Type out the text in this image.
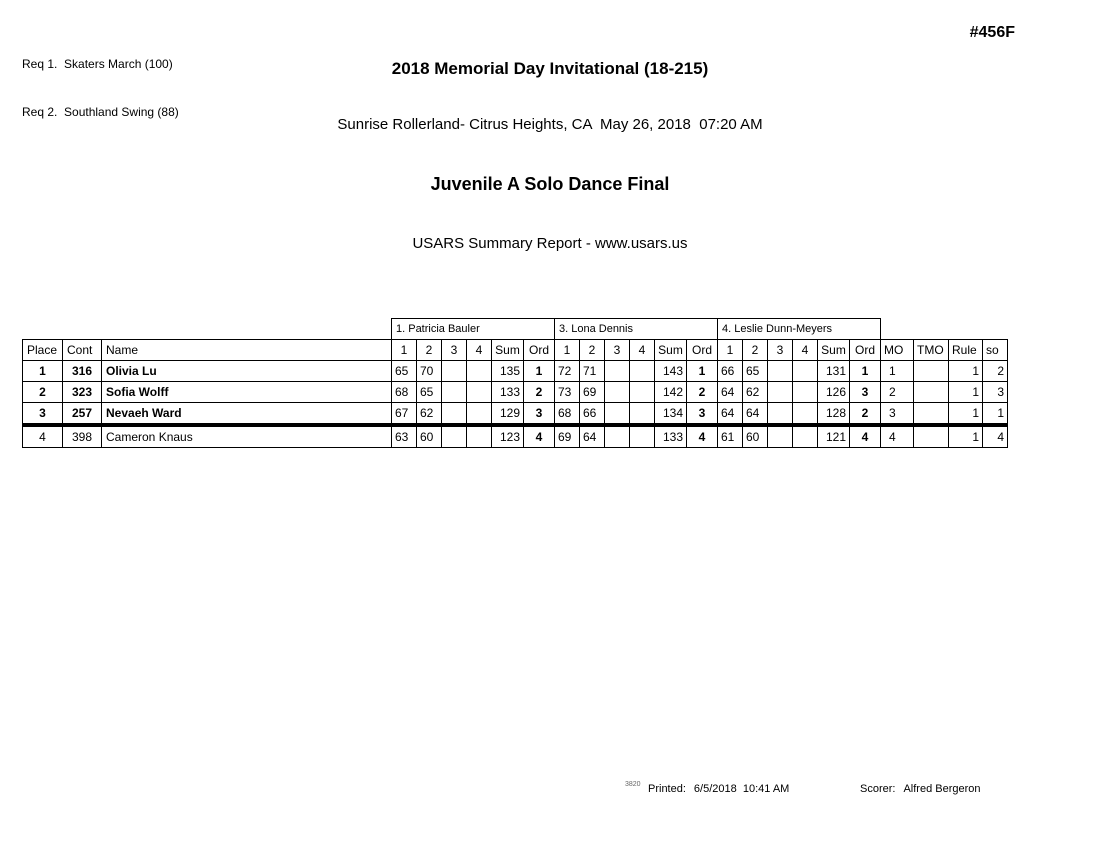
Req 1.  Skaters March (100)

Req 2.  Southland Swing (88)

#456F

2018 Memorial Day Invitational (18-215)

Sunrise Rollerland- Citrus Heights, CA  May 26, 2018  07:20 AM

Juvenile A Solo Dance Final

USARS Summary Report - www.usars.us

			1. Patricia Bauler						3. Lona Dennis						4. Leslie Dunn-Meyers									
Place	Cont	Name	1	2	3	4	Sum	Ord	1	2	3	4	Sum	Ord	1	2	3	4	Sum	Ord	MO	TMO	Rule	so
1	316	Olivia Lu	65	70			135	1	72	71			143	1	66	65			131	1	1		1	2
2	323	Sofia Wolff	68	65			133	2	73	69			142	2	64	62			126	3	2		1	3
3	257	Nevaeh Ward	67	62			129	3	68	66			134	3	64	64			128	2	3		1	1
4	398	Cameron Knaus	63	60			123	4	69	64			133	4	61	60			121	4	4		1	4

3820

Printed: 6/5/2018  10:41 AM

	Scorer: Alfred Bergeron
